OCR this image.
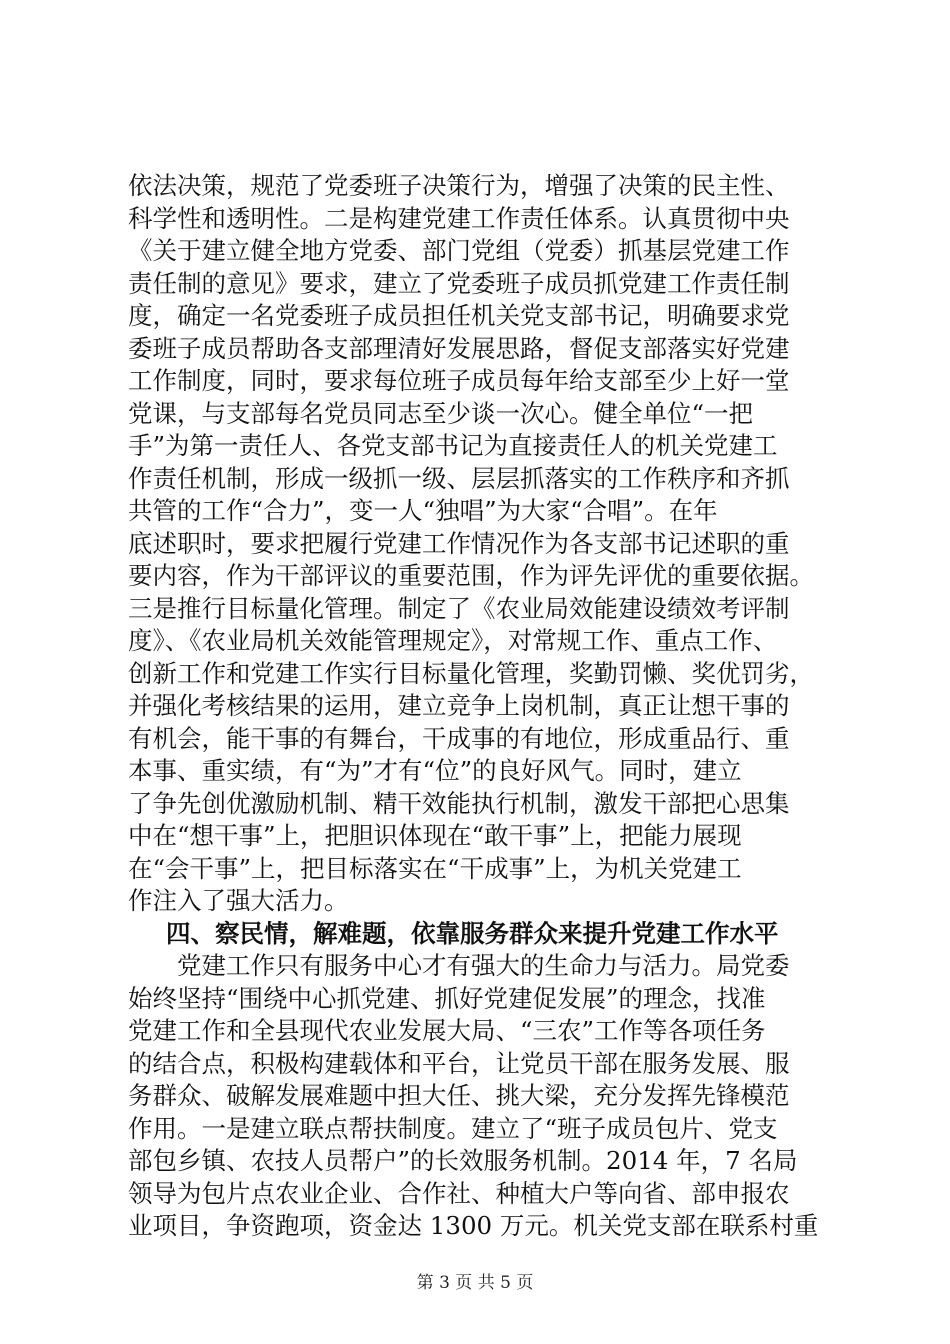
依法决策，规范了党委班子决策行为，增强了决策的民主性、
科学性和透明性。二是构建党建工作责任体系。认真贯彻中央
《关于建立健全地方党委、部门党组（党委）抓基层党建工作
责任制的意见》要求，建立了党委班子成员抓党建工作责任制
度，确定一名党委班子成员担任机关党支部书记，明确要求党
委班子成员帮助各支部理清好发展思路，督促支部落实好党建
工作制度，同时，要求每位班子成员每年给支部至少上好一堂
党课，与支部每名党员同志至少谈一次心。健全单位“一把
手”为第一责任人、各党支部书记为直接责任人的机关党建工
作责任机制，形成一级抓一级、层层抓落实的工作秩序和齐抓
共管的工作“合力”，变一人“独唱”为大家“合唱”。在年
底述职时，要求把履行党建工作情况作为各支部书记述职的重
要内容，作为干部评议的重要范围，作为评先评优的重要依据。
三是推行目标量化管理。制定了《农业局效能建设绩效考评制
度》、《农业局机关效能管理规定》，对常规工作、重点工作、
创新工作和党建工作实行目标量化管理，奖勤罚懒、奖优罚劣，
并强化考核结果的运用，建立竞争上岗机制，真正让想干事的
有机会，能干事的有舞台，干成事的有地位，形成重品行、重
本事、重实绩，有“为”才有“位”的良好风气。同时，建立
了争先创优激励机制、精干效能执行机制，激发干部把心思集
中在“想干事”上，把胆识体现在“敢干事”上，把能力展现
在“会干事”上，把目标落实在“干成事”上，为机关党建工
作注入了强大活力。
四、察民情，解难题，依靠服务群众来提升党建工作水平
党建工作只有服务中心才有强大的生命力与活力。局党委
始终坚持“围绕中心抓党建、抓好党建促发展”的理念，找准
党建工作和全县现代农业发展大局、“三农”工作等各项任务
的结合点，积极构建载体和平台，让党员干部在服务发展、服
务群众、破解发展难题中担大任、挑大梁，充分发挥先锋模范
作用。一是建立联点帮扶制度。建立了“班子成员包片、党支
部包乡镇、农技人员帮户”的长效服务机制。2014 年，7 名局
领导为包片点农业企业、合作社、种植大户等向省、部申报农
业项目，争资跑项，资金达 1300 万元。机关党支部在联系村重
第 3 页 共 5 页
